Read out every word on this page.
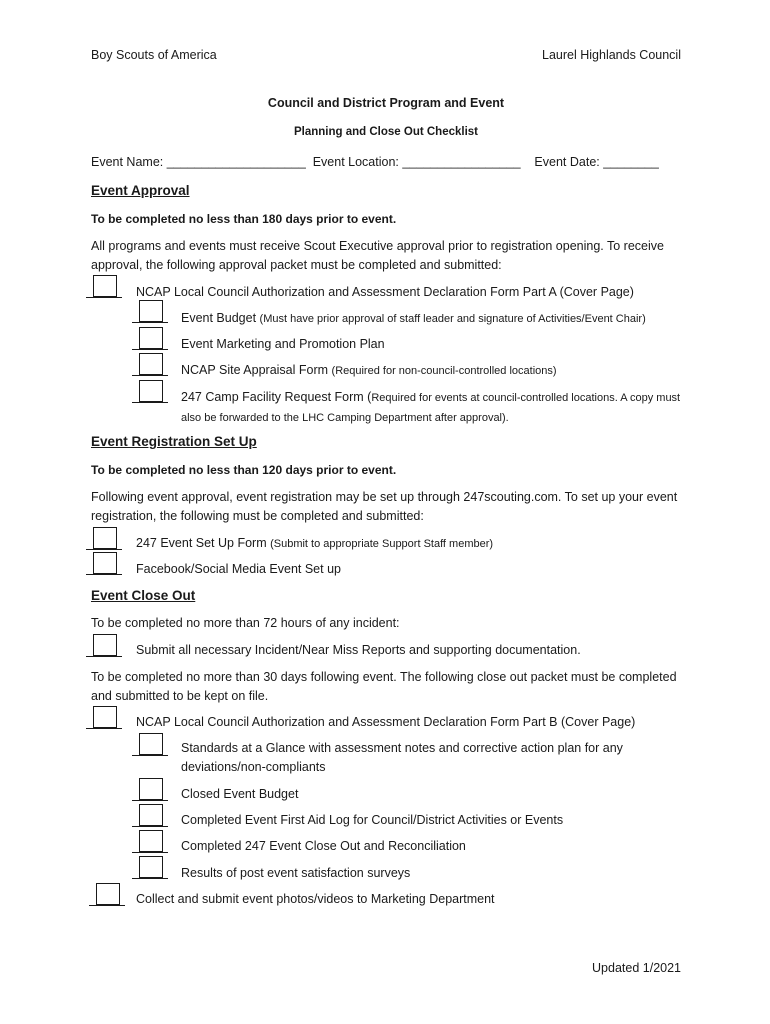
Boy Scouts of America	Laurel Highlands Council
Council and District Program and Event
Planning and Close Out Checklist
Event Name: ____________________  Event Location: _________________    Event Date: ________
Event Approval
To be completed no less than 180 days prior to event.
All programs and events must receive Scout Executive approval prior to registration opening. To receive approval, the following approval packet must be completed and submitted:
NCAP Local Council Authorization and Assessment Declaration Form Part A (Cover Page)
Event Budget (Must have prior approval of staff leader and signature of Activities/Event Chair)
Event Marketing and Promotion Plan
NCAP Site Appraisal Form (Required for non-council-controlled locations)
247 Camp Facility Request Form (Required for events at council-controlled locations. A copy must also be forwarded to the LHC Camping Department after approval).
Event Registration Set Up
To be completed no less than 120 days prior to event.
Following event approval, event registration may be set up through 247scouting.com. To set up your event registration, the following must be completed and submitted:
247 Event Set Up Form (Submit to appropriate Support Staff member)
Facebook/Social Media Event Set up
Event Close Out
To be completed no more than 72 hours of any incident:
Submit all necessary Incident/Near Miss Reports and supporting documentation.
To be completed no more than 30 days following event. The following close out packet must be completed and submitted to be kept on file.
NCAP Local Council Authorization and Assessment Declaration Form Part B (Cover Page)
Standards at a Glance with assessment notes and corrective action plan for any deviations/non-compliants
Closed Event Budget
Completed Event First Aid Log for Council/District Activities or Events
Completed 247 Event Close Out and Reconciliation
Results of post event satisfaction surveys
Collect and submit event photos/videos to Marketing Department
Updated 1/2021
